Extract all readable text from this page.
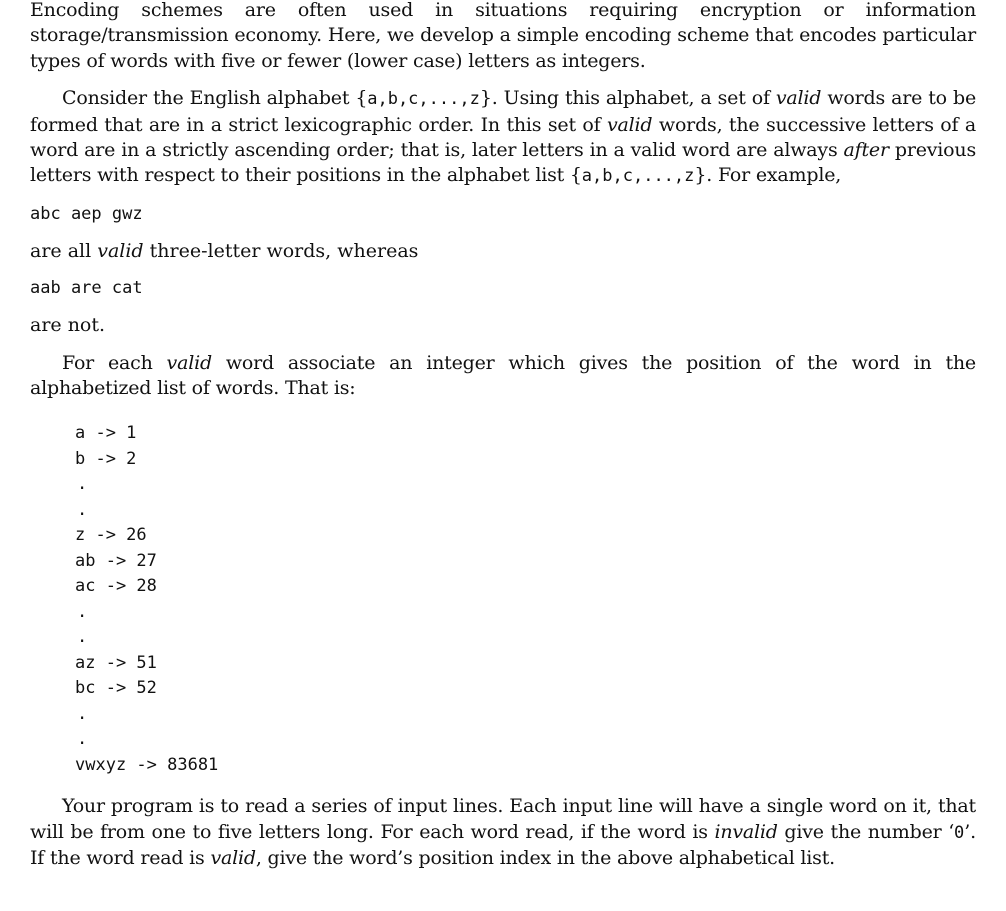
Encoding schemes are often used in situations requiring encryption or information storage/transmission economy. Here, we develop a simple encoding scheme that encodes particular types of words with five or fewer (lower case) letters as integers.

Consider the English alphabet {a,b,c,...,z}. Using this alphabet, a set of valid words are to be formed that are in a strict lexicographic order. In this set of valid words, the successive letters of a word are in a strictly ascending order; that is, later letters in a valid word are always after previous letters with respect to their positions in the alphabet list {a,b,c,...,z}. For example,

abc aep gwz

are all valid three-letter words, whereas

aab are cat

are not.

For each valid word associate an integer which gives the position of the word in the alphabetized list of words. That is:

a -> 1
b -> 2
.
.
z -> 26
ab -> 27
ac -> 28
.
.
az -> 51
bc -> 52
.
.
vwxyz -> 83681

Your program is to read a series of input lines. Each input line will have a single word on it, that will be from one to five letters long. For each word read, if the word is invalid give the number ‘0’. If the word read is valid, give the word’s position index in the above alphabetical list.
